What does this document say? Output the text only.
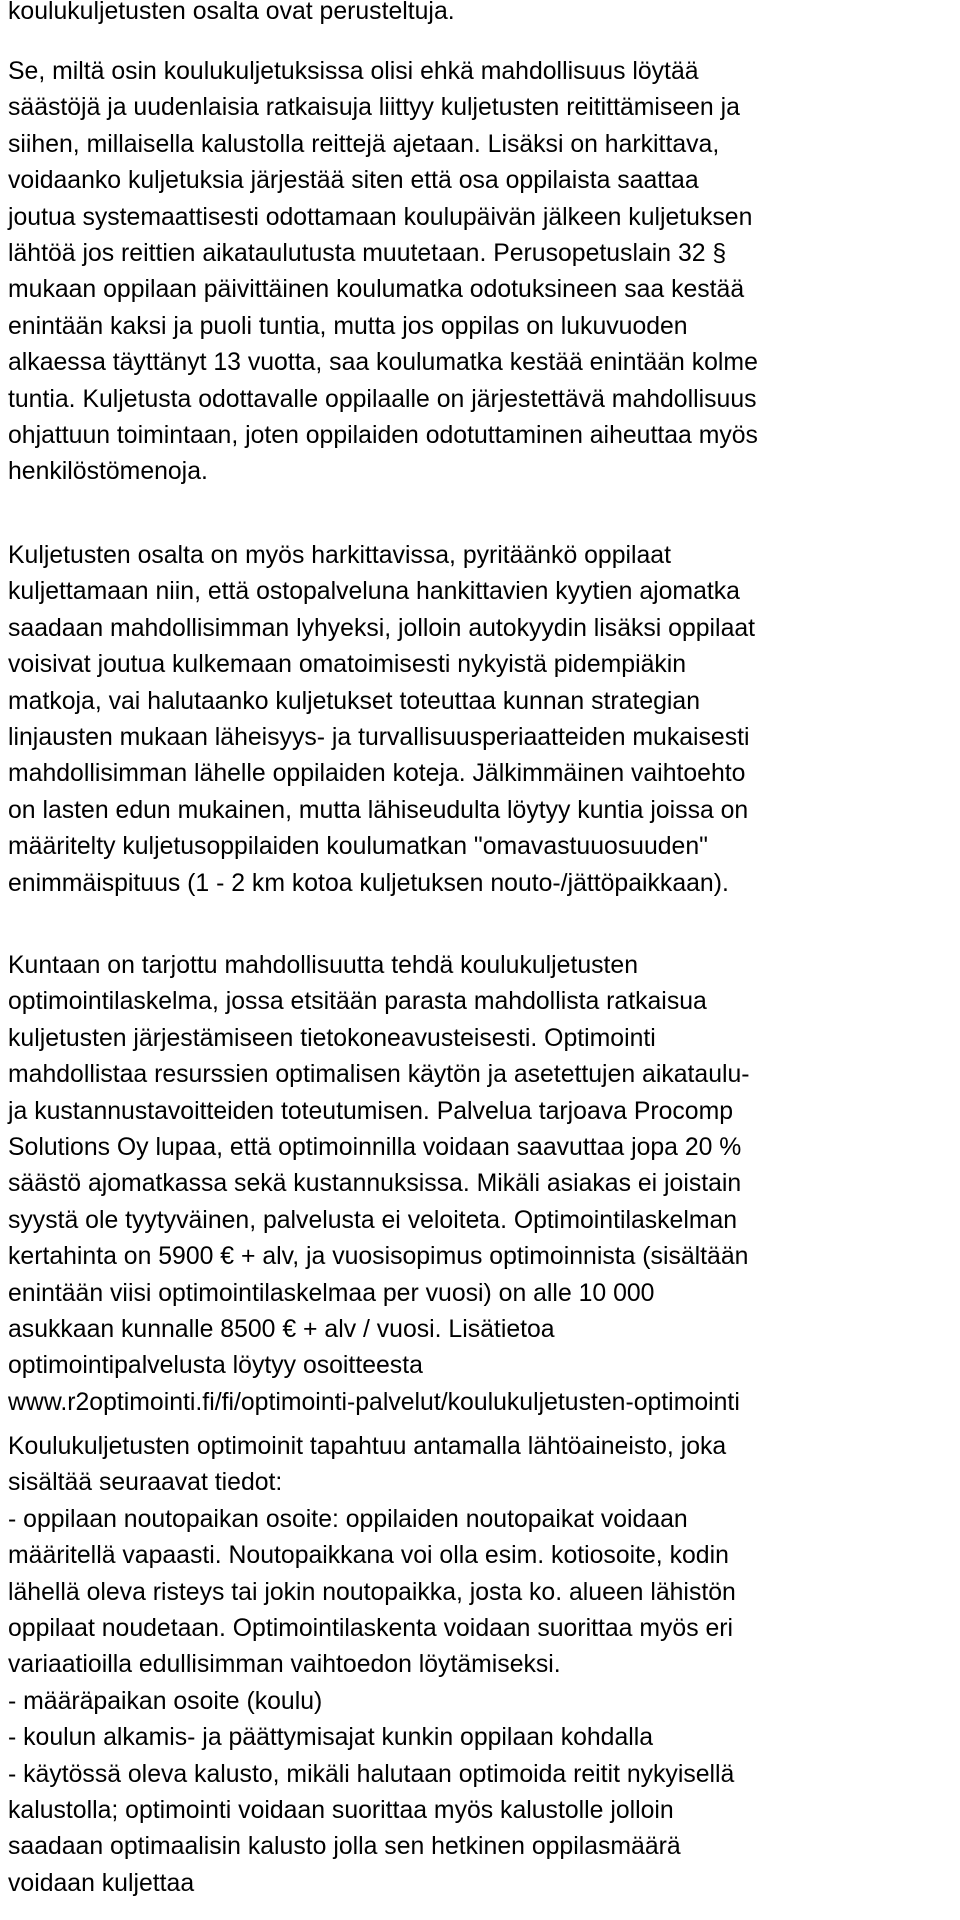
koulukuljetusten osalta ovat perusteltuja.

Se, miltä osin koulukuljetuksissa olisi ehkä mahdollisuus löytää
säästöjä ja uudenlaisia ratkaisuja liittyy kuljetusten reitittämiseen ja
siihen, millaisella kalustolla reittejä ajetaan. Lisäksi on harkittava,
voidaanko kuljetuksia järjestää siten että osa oppilaista saattaa
joutua systemaattisesti odottamaan koulupäivän jälkeen kuljetuksen
lähtöä jos reittien aikataulutusta muutetaan. Perusopetuslain 32 §
mukaan oppilaan päivittäinen koulumatka odotuksineen saa kestää
enintään kaksi ja puoli tuntia, mutta jos oppilas on lukuvuoden
alkaessa täyttänyt 13 vuotta, saa koulumatka kestää enintään kolme
tuntia. Kuljetusta odottavalle oppilaalle on järjestettävä mahdollisuus
ohjattuun toimintaan, joten oppilaiden odotuttaminen aiheuttaa myös
henkilöstömenoja.

Kuljetusten osalta on myös harkittavissa, pyritäänkö oppilaat
kuljettamaan niin, että ostopalveluna hankittavien kyytien ajomatka
saadaan mahdollisimman lyhyeksi, jolloin autokyydin lisäksi oppilaat
voisivat joutua kulkemaan omatoimisesti nykyistä pidempiäkin
matkoja, vai halutaanko kuljetukset toteuttaa kunnan strategian
linjausten mukaan läheisyys- ja turvallisuusperiaatteiden mukaisesti
mahdollisimman lähelle oppilaiden koteja. Jälkimmäinen vaihtoehto
on lasten edun mukainen, mutta lähiseudulta löytyy kuntia joissa on
määritelty kuljetusoppilaiden koulumatkan "omavastuuosuuden"
enimmäispituus (1 - 2 km kotoa kuljetuksen nouto-/jättöpaikkaan).

Kuntaan on tarjottu mahdollisuutta tehdä koulukuljetusten
optimointilaskelma, jossa etsitään parasta mahdollista ratkaisua
kuljetusten järjestämiseen tietokoneavusteisesti. Optimointi
mahdollistaa resurssien optimalisen käytön ja asetettujen aikataulu-
ja kustannustavoitteiden toteutumisen. Palvelua tarjoava Procomp
Solutions Oy lupaa, että optimoinnilla voidaan saavuttaa jopa 20 %
säästö ajomatkassa sekä kustannuksissa. Mikäli asiakas ei joistain
syystä ole tyytyväinen, palvelusta ei veloiteta. Optimointilaskelman
kertahinta on 5900 € + alv, ja vuosisopimus optimoinnista (sisältään
enintään viisi optimointilaskelmaa per vuosi) on alle 10 000
asukkaan kunnalle 8500 € + alv / vuosi. Lisätietoa
optimointipalvelusta löytyy osoitteesta
www.r2optimointi.fi/fi/optimointi-palvelut/koulukuljetusten-optimointi

Koulukuljetusten optimoinit tapahtuu antamalla lähtöaineisto, joka
sisältää seuraavat tiedot:
- oppilaan noutopaikan osoite: oppilaiden noutopaikat voidaan
määritellä vapaasti. Noutopaikkana voi olla esim. kotiosoite, kodin
lähellä oleva risteys tai jokin noutopaikka, josta ko. alueen lähistön
oppilaat noudetaan. Optimointilaskenta voidaan suorittaa myös eri
variaatioilla edullisimman vaihtoedon löytämiseksi.
- määräpaikan osoite (koulu)
- koulun alkamis- ja päättymisajat kunkin oppilaan kohdalla
- käytössä oleva kalusto, mikäli halutaan optimoida reitit nykyisellä
kalustolla; optimointi voidaan suorittaa myös kalustolle jolloin
saadaan optimaalisin kalusto jolla sen hetkinen oppilasmäärä
voidaan kuljettaa
